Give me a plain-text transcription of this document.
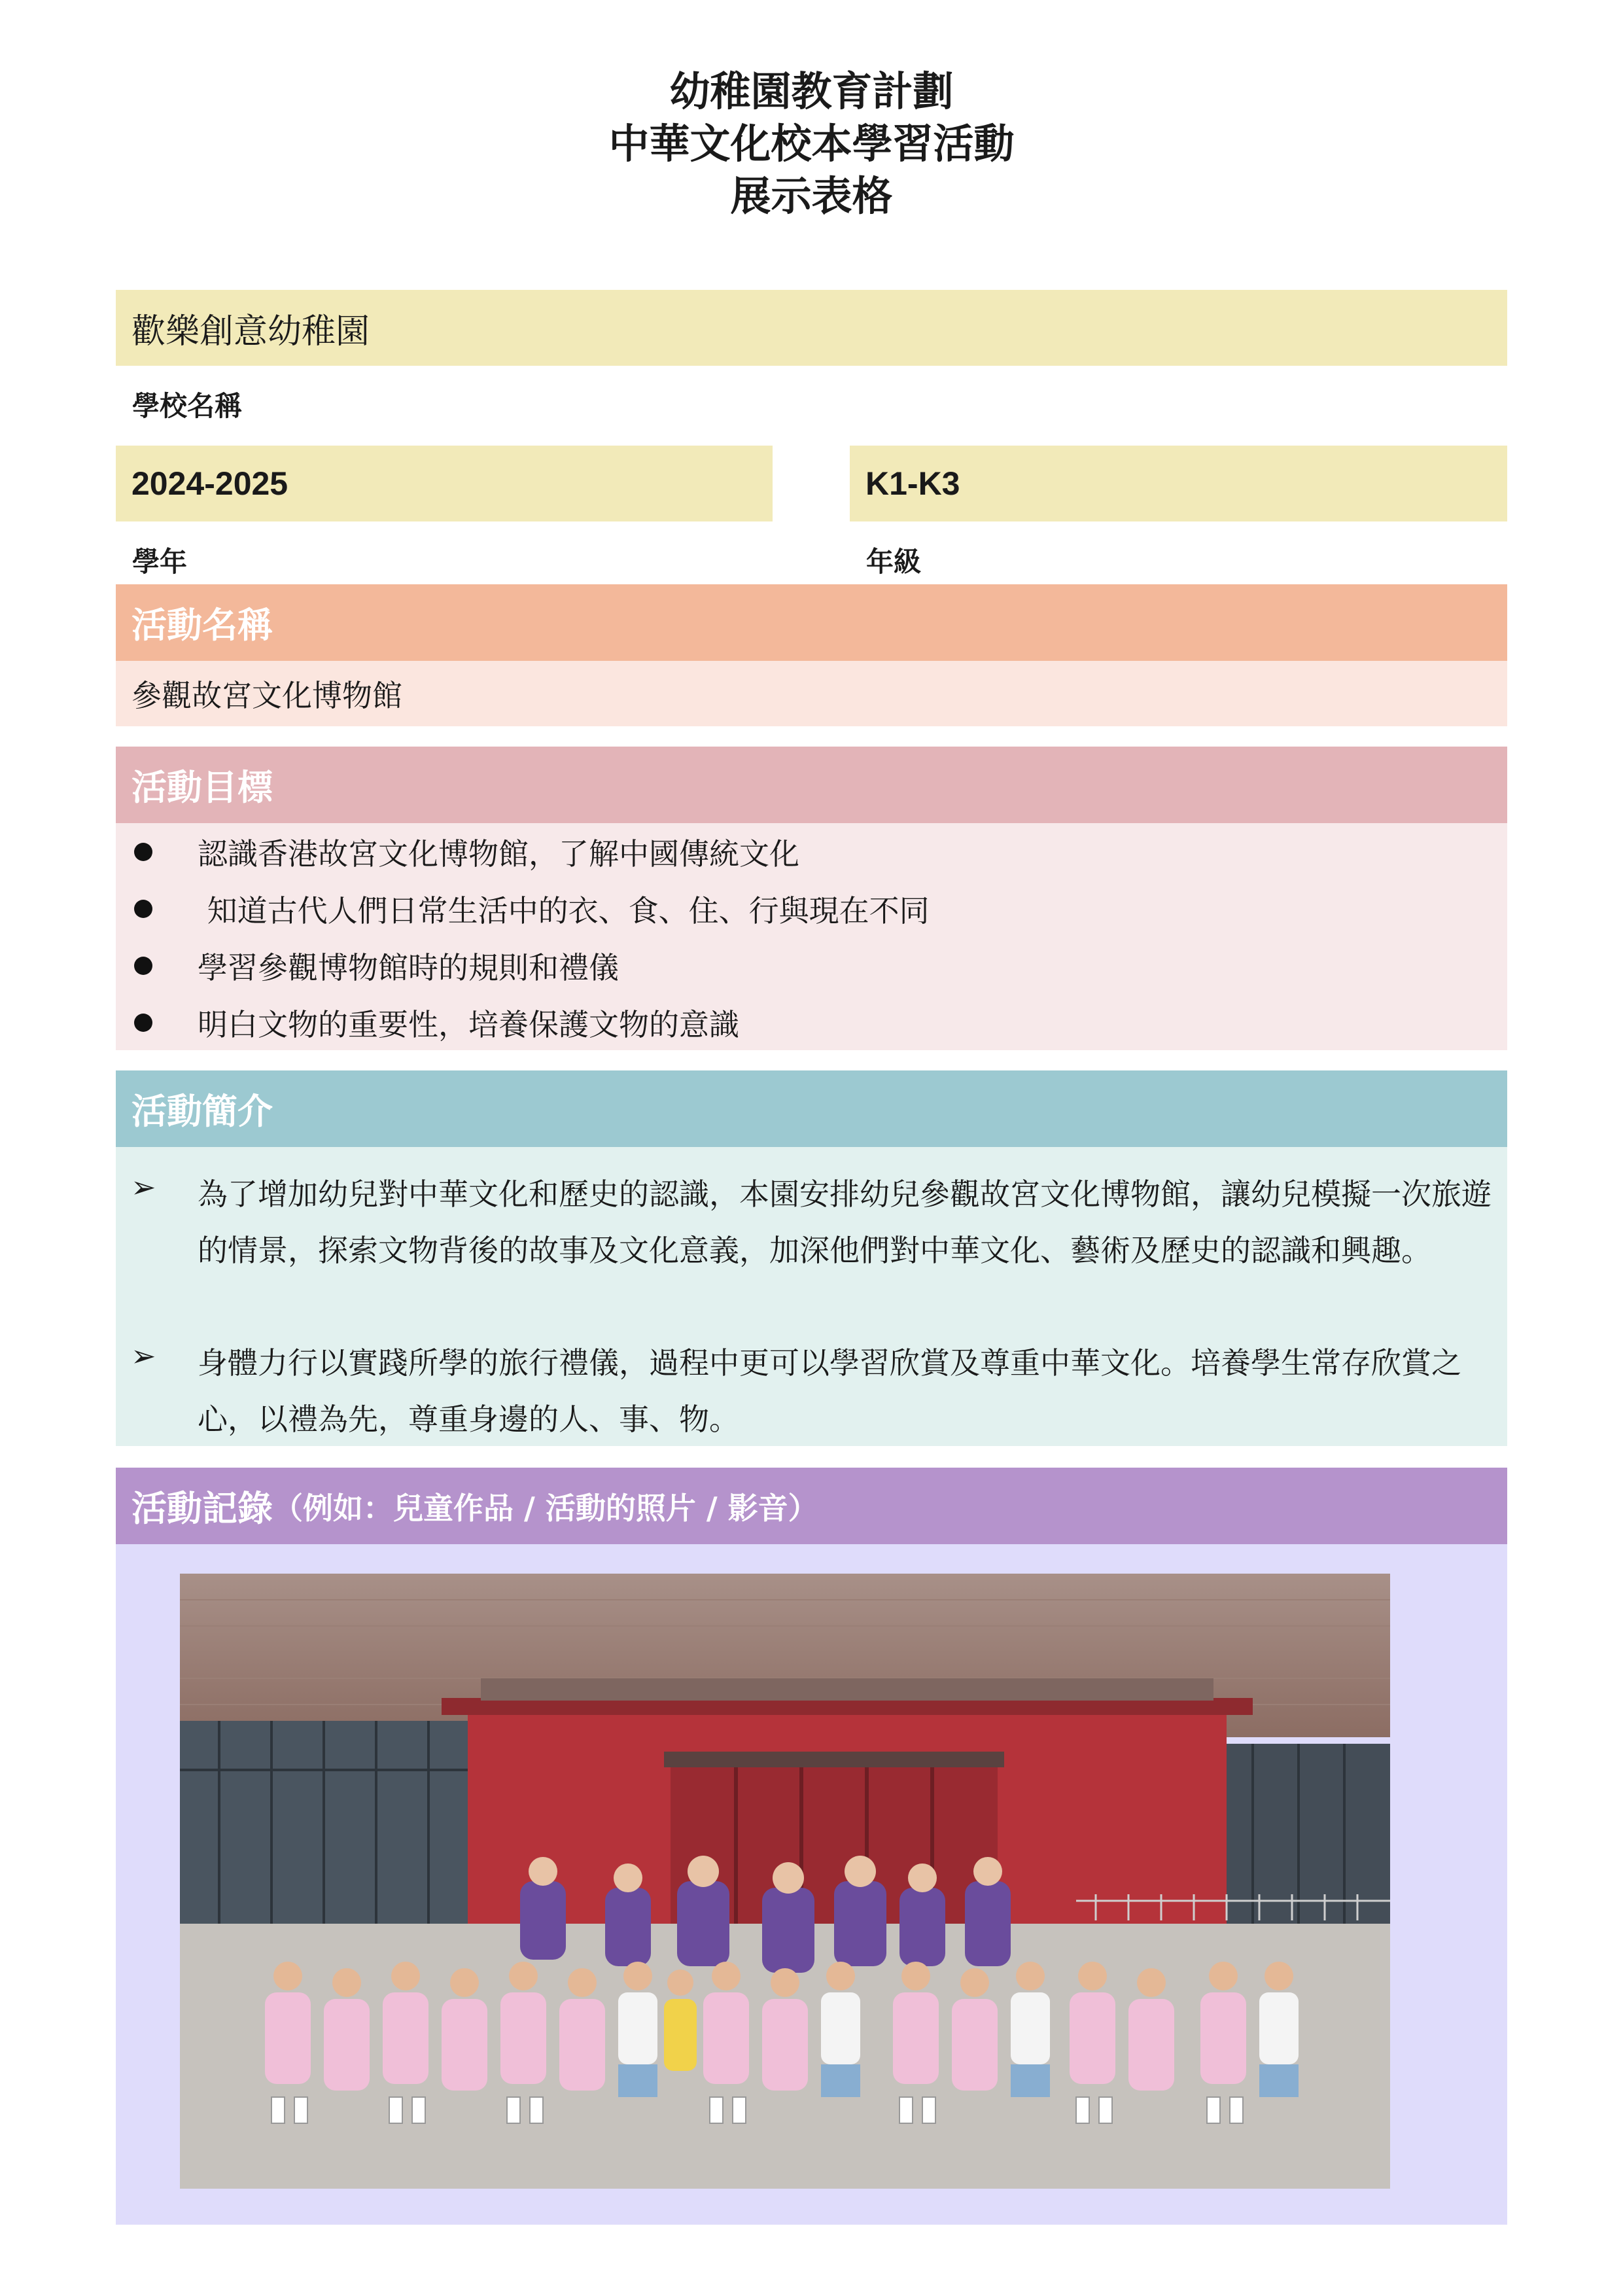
幼稚園教育計劃
中華文化校本學習活動
展示表格
歡樂創意幼稚園
學校名稱
2024-2025
學年
K1-K3
年級
活動名稱
參觀故宮文化博物館
活動目標
認識香港故宮文化博物館，了解中國傳統文化
知道古代人們日常生活中的衣、食、住、行與現在不同
學習參觀博物館時的規則和禮儀
明白文物的重要性，培養保護文物的意識
活動簡介
➢ 為了增加幼兒對中華文化和歷史的認識，本園安排幼兒參觀故宮文化博物館，讓幼兒模擬一次旅遊的情景，探索文物背後的故事及文化意義，加深他們對中華文化、藝術及歷史的認識和興趣。
➢ 身體力行以實踐所學的旅行禮儀，過程中更可以學習欣賞及尊重中華文化。培養學生常存欣賞之心，以禮為先，尊重身邊的人、事、物。
活動記錄 （例如：兒童作品 / 活動的照片 / 影音）
